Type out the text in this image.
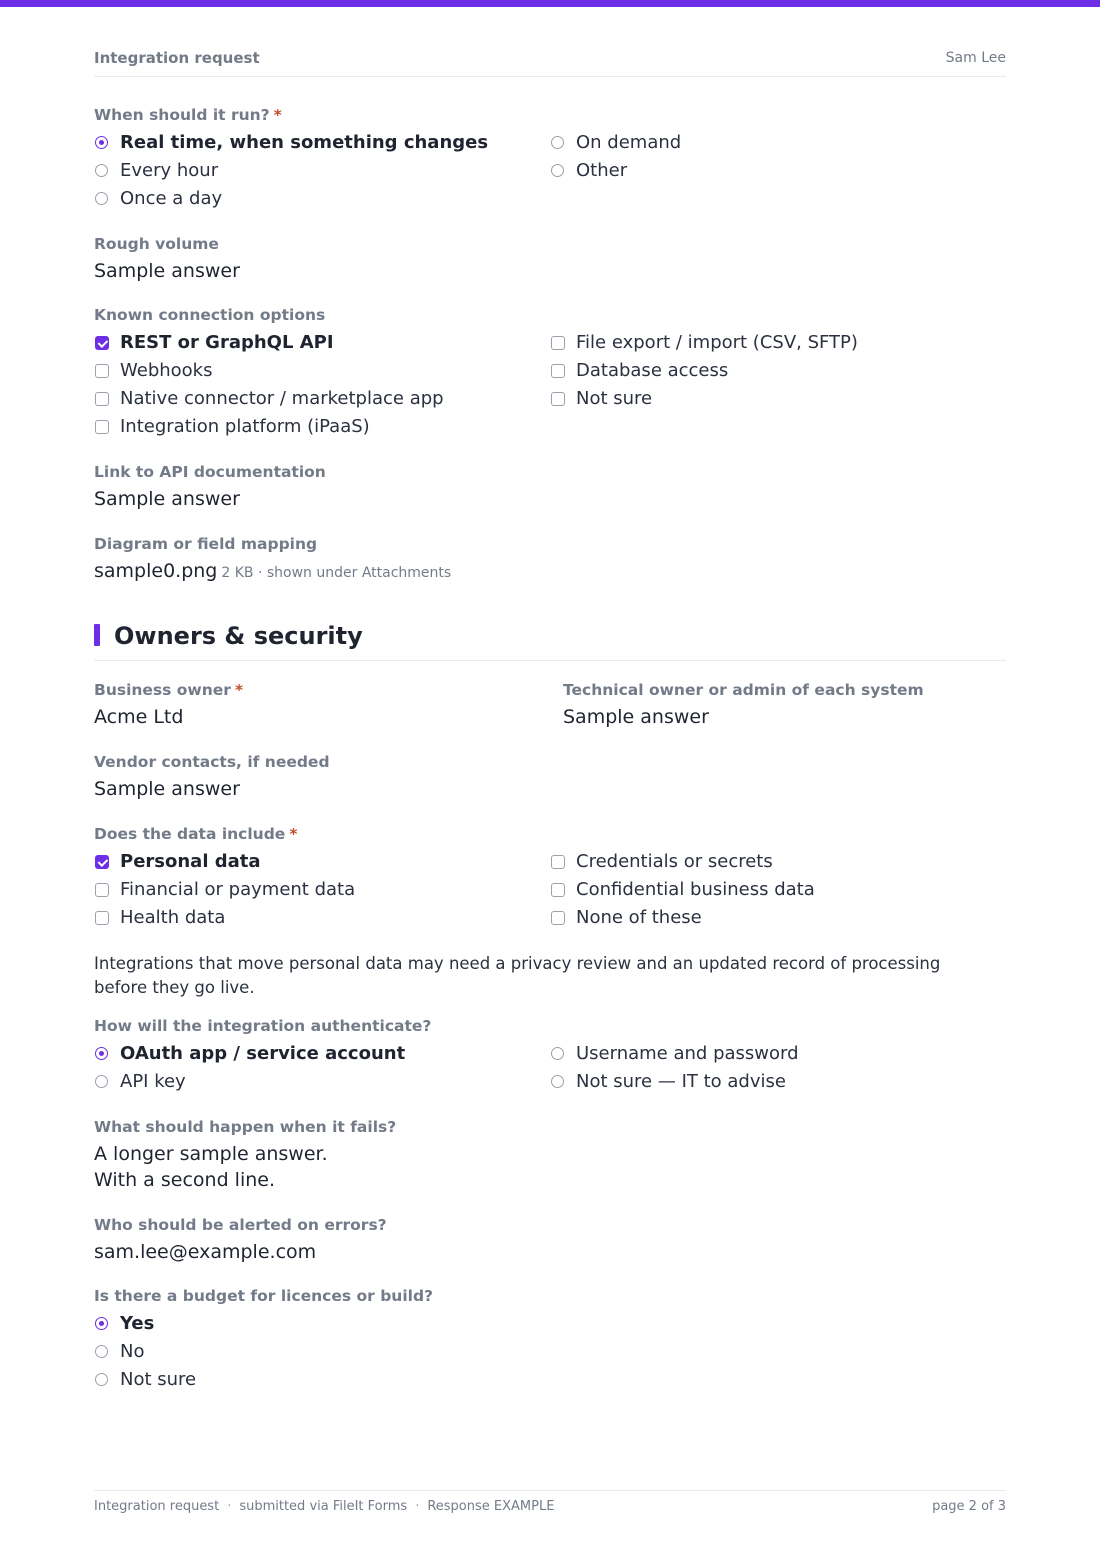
Integration request	Sam Lee
When should it run? *
Real time, when something changes
Every hour
Once a day
On demand
Other
Rough volume
Sample answer
Known connection options
REST or GraphQL API
Webhooks
Native connector / marketplace app
Integration platform (iPaaS)
File export / import (CSV, SFTP)
Database access
Not sure
Link to API documentation
Sample answer
Diagram or field mapping
sample0.png 2 KB · shown under Attachments
Owners & security
Business owner *
Acme Ltd
Technical owner or admin of each system
Sample answer
Vendor contacts, if needed
Sample answer
Does the data include *
Personal data
Financial or payment data
Health data
Credentials or secrets
Confidential business data
None of these
Integrations that move personal data may need a privacy review and an updated record of processing before they go live.
How will the integration authenticate?
OAuth app / service account
API key
Username and password
Not sure — IT to advise
What should happen when it fails?
A longer sample answer.
With a second line.
Who should be alerted on errors?
sam.lee@example.com
Is there a budget for licences or build?
Yes
No
Not sure
Integration request · submitted via FileIt Forms · Response EXAMPLE	page 2 of 3
